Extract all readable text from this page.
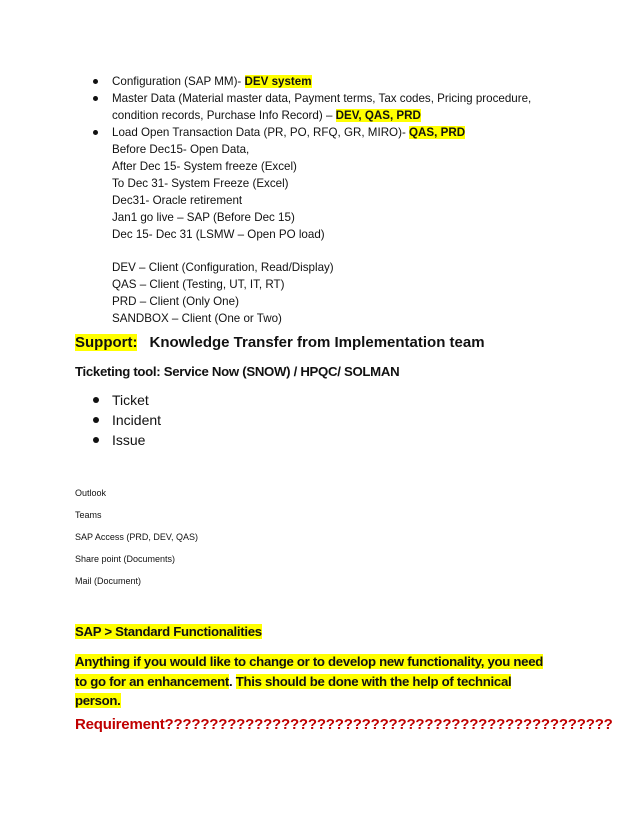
Configuration (SAP MM)- DEV system
Master Data (Material master data, Payment terms, Tax codes, Pricing procedure,
condition records, Purchase Info Record) – DEV, QAS, PRD
Load Open Transaction Data (PR, PO, RFQ, GR, MIRO)- QAS, PRD
Before Dec15- Open Data,
After Dec 15- System freeze (Excel)
To Dec 31- System Freeze (Excel)
Dec31- Oracle retirement
Jan1 go live – SAP (Before Dec 15)
Dec 15- Dec 31 (LSMW – Open PO load)
DEV – Client (Configuration, Read/Display)
QAS – Client (Testing, UT, IT, RT)
PRD – Client (Only One)
SANDBOX – Client (One or Two)
Support: Knowledge Transfer from Implementation team
Ticketing tool: Service Now (SNOW) / HPQC/ SOLMAN
Ticket
Incident
Issue
Outlook
Teams
SAP Access (PRD, DEV, QAS)
Share point (Documents)
Mail (Document)
SAP > Standard Functionalities
Anything if you would like to change or to develop new functionality, you need
to go for an enhancement. This should be done with the help of technical
person.
Requirement??????????????????????????????????????????????????
